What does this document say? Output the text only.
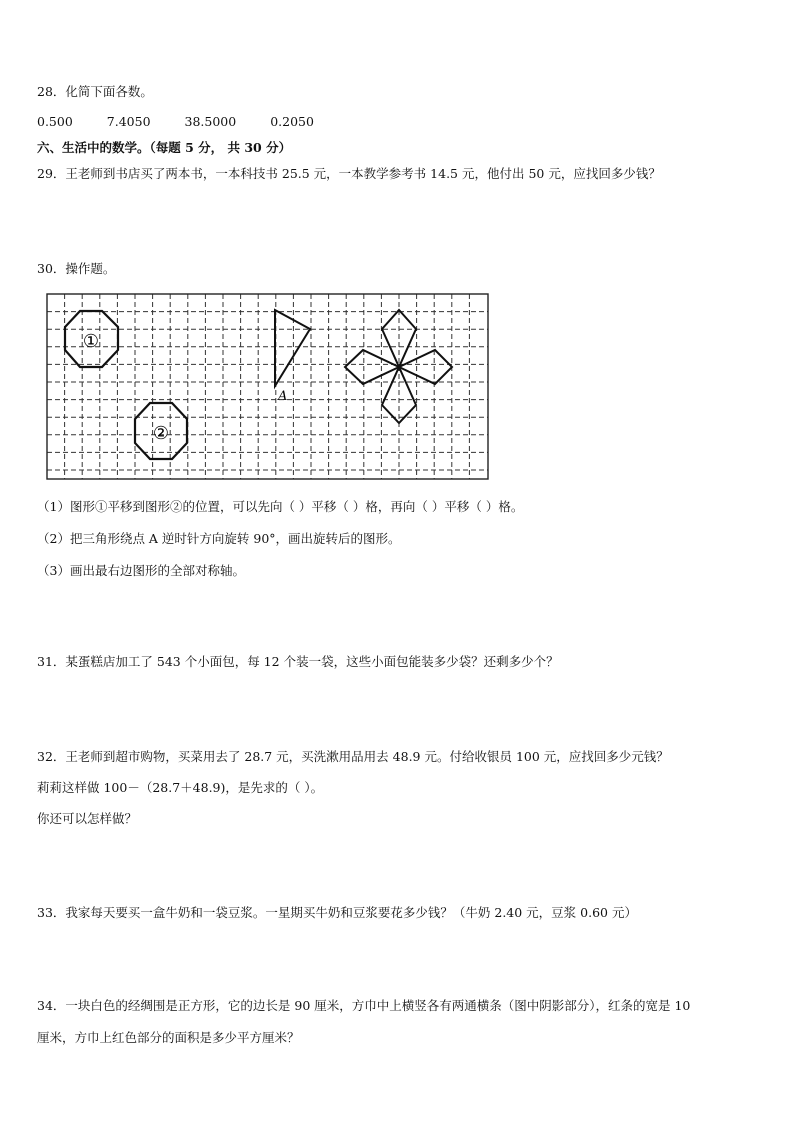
28．化简下面各数。
0.500	7.4050	38.5000	0.2050
六、生活中的数学。（每题 5 分， 共 30 分）
29．王老师到书店买了两本书，一本科技书 25.5 元，一本教学参考书 14.5 元，他付出 50 元，应找回多少钱？
30．操作题。
①
②
A
（1）图形①平移到图形②的位置，可以先向（ ）平移（ ）格，再向（ ）平移（ ）格。
（2）把三角形绕点 A 逆时针方向旋转 90°，画出旋转后的图形。
（3）画出最右边图形的全部对称轴。
31．某蛋糕店加工了 543 个小面包，每 12 个装一袋，这些小面包能装多少袋？还剩多少个？
32．王老师到超市购物，买菜用去了 28.7 元，买洗漱用品用去 48.9 元。付给收银员 100 元，应找回多少元钱？
莉莉这样做 100－（28.7＋48.9)，是先求的（ ）。
你还可以怎样做？
33．我家每天要买一盒牛奶和一袋豆浆。一星期买牛奶和豆浆要花多少钱？（牛奶 2.40 元，豆浆 0.60 元）
34．一块白色的经绸围是正方形，它的边长是 90 厘米，方巾中上横竖各有两通横条（图中阴影部分），红条的宽是 10
厘米，方巾上红色部分的面积是多少平方厘米？
